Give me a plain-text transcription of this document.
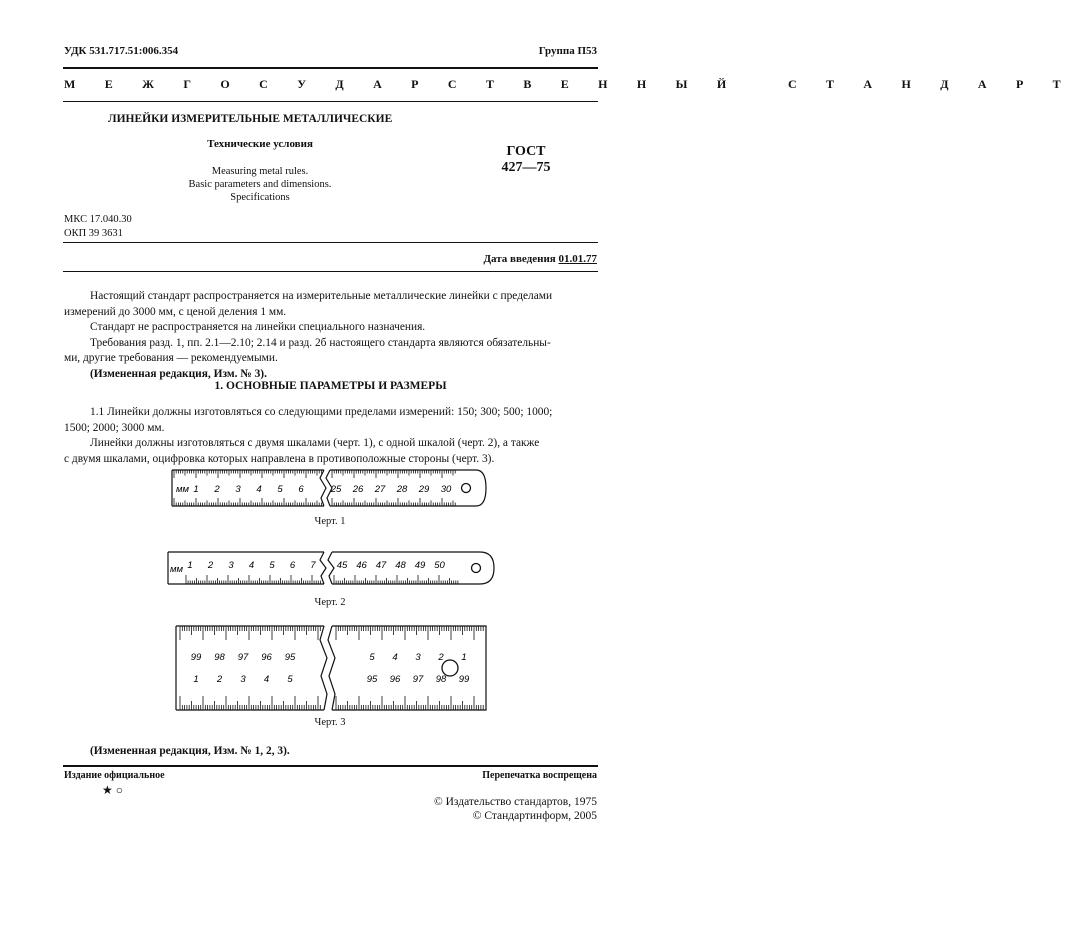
УДК 531.717.51:006.354	Группа П53
М Е Ж Г О С У Д А Р С Т В Е Н Н Ы Й   С Т А Н Д А Р Т
ЛИНЕЙКИ ИЗМЕРИТЕЛЬНЫЕ МЕТАЛЛИЧЕСКИЕ
Технические условия
Measuring metal rules.
Basic parameters and dimensions.
Specifications
ГОСТ
427—75
МКС 17.040.30
ОКП 39 3631
Дата введения 01.01.77
Настоящий стандарт распространяется на измерительные металлические линейки с пределами
измерений до 3000 мм, с ценой деления 1 мм.
Стандарт не распространяется на линейки специального назначения.
Требования разд. 1, пп. 2.1—2.10; 2.14 и разд. 2б настоящего стандарта являются обязательны-
ми, другие требования — рекомендуемыми.
(Измененная редакция, Изм. № 3).
1. ОСНОВНЫЕ ПАРАМЕТРЫ И РАЗМЕРЫ
1.1 Линейки должны изготовляться со следующими пределами измерений: 150; 300; 500; 1000;
1500; 2000; 3000 мм.
Линейки должны изготовляться с двумя шкалами (черт. 1), с одной шкалой (черт. 2), а также
с двумя шкалами, оцифровка которых направлена в противоположные стороны (черт. 3).
мм 1 2 3 4 5 6	25 26 27 28 29 30
Черт. 1
мм 1 2 3 4 5 6 7 45 46 47 48 49 50
Черт. 2
99 98 97 96 95	5 4 3 2 1
1 2 3 4 5	95 96 97 98 99
Черт. 3
(Измененная редакция, Изм. № 1, 2, 3).
Издание официальное	Перепечатка воспрещена
★ ○
© Издательство стандартов, 1975
© Стандартинформ, 2005
